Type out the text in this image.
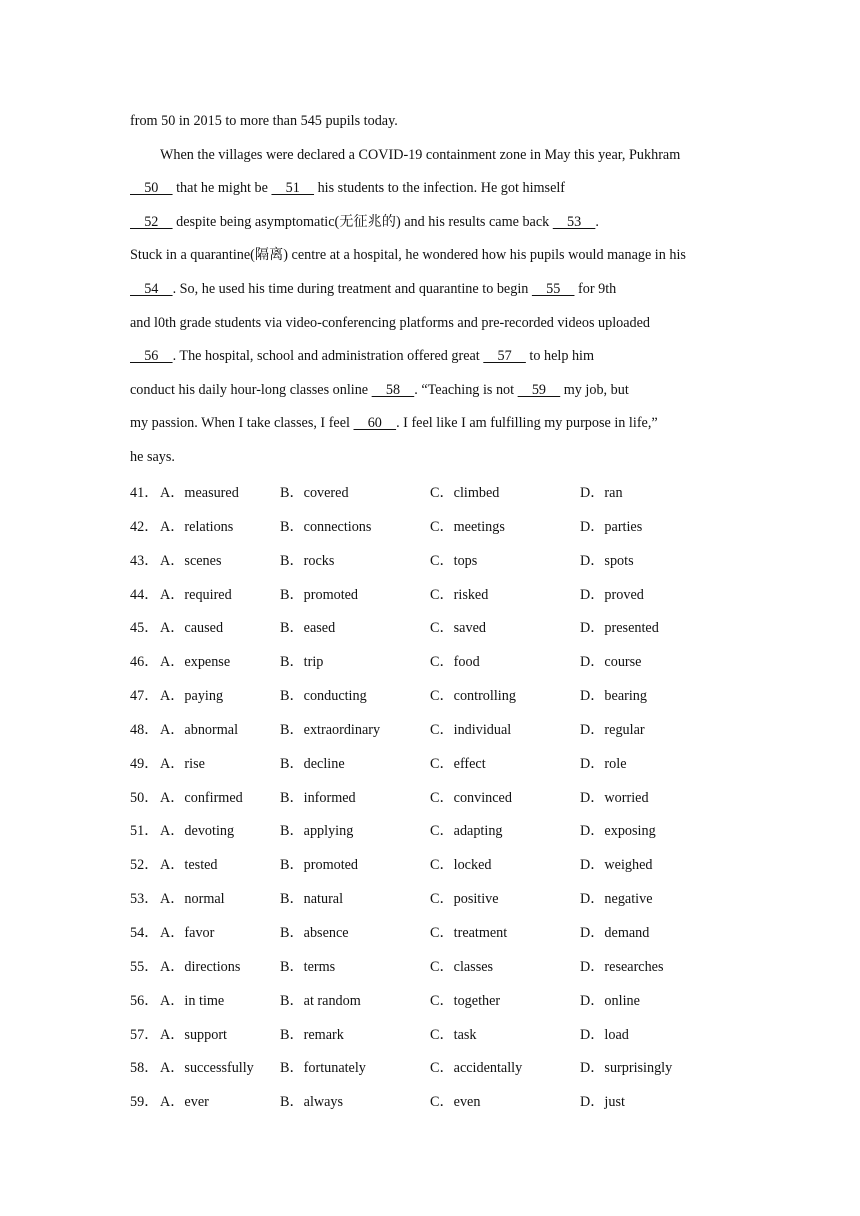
from 50 in 2015 to more than 545 pupils today.
When the villages were declared a COVID-19 containment zone in May this year, Pukhram
50     that he might be     51     his students to the infection. He got himself
52     despite being asymptomatic(无征兆的) and his results came back     53    .
Stuck in a quarantine(隔离) centre at a hospital, he wondered how his pupils would manage in his
54    . So, he used his time during treatment and quarantine to begin     55     for 9th
and l0th grade students via video-conferencing platforms and pre-recorded videos uploaded
56    . The hospital, school and administration offered great     57     to help him
conduct his daily hour-long classes online     58    . “Teaching is not     59     my job, but
my passion. When I take classes, I feel     60    . I feel like I am fulfilling my purpose in life,”
he says.
41． A．measured	B．covered	C．climbed	D．ran
42． A．relations	B．connections	C．meetings	D．parties
43． A．scenes	B．rocks	C．tops	D．spots
44． A．required	B．promoted	C．risked	D．proved
45． A．caused	B．eased	C．saved	D．presented
46． A．expense	B．trip	C．food	D．course
47． A．paying	B．conducting	C．controlling	D．bearing
48． A．abnormal	B．extraordinary	C．individual	D．regular
49． A．rise	B．decline	C．effect	D．role
50． A．confirmed	B．informed	C．convinced	D．worried
51． A．devoting	B．applying	C．adapting	D．exposing
52． A．tested	B．promoted	C．locked	D．weighed
53． A．normal	B．natural	C．positive	D．negative
54． A．favor	B．absence	C．treatment	D．demand
55． A．directions	B．terms	C．classes	D．researches
56． A．in time	B．at random	C．together	D．online
57． A．support	B．remark	C．task	D．load
58． A．successfully B．fortunately	C．accidentally	D．surprisingly
59． A．ever	B．always	C．even	D．just
